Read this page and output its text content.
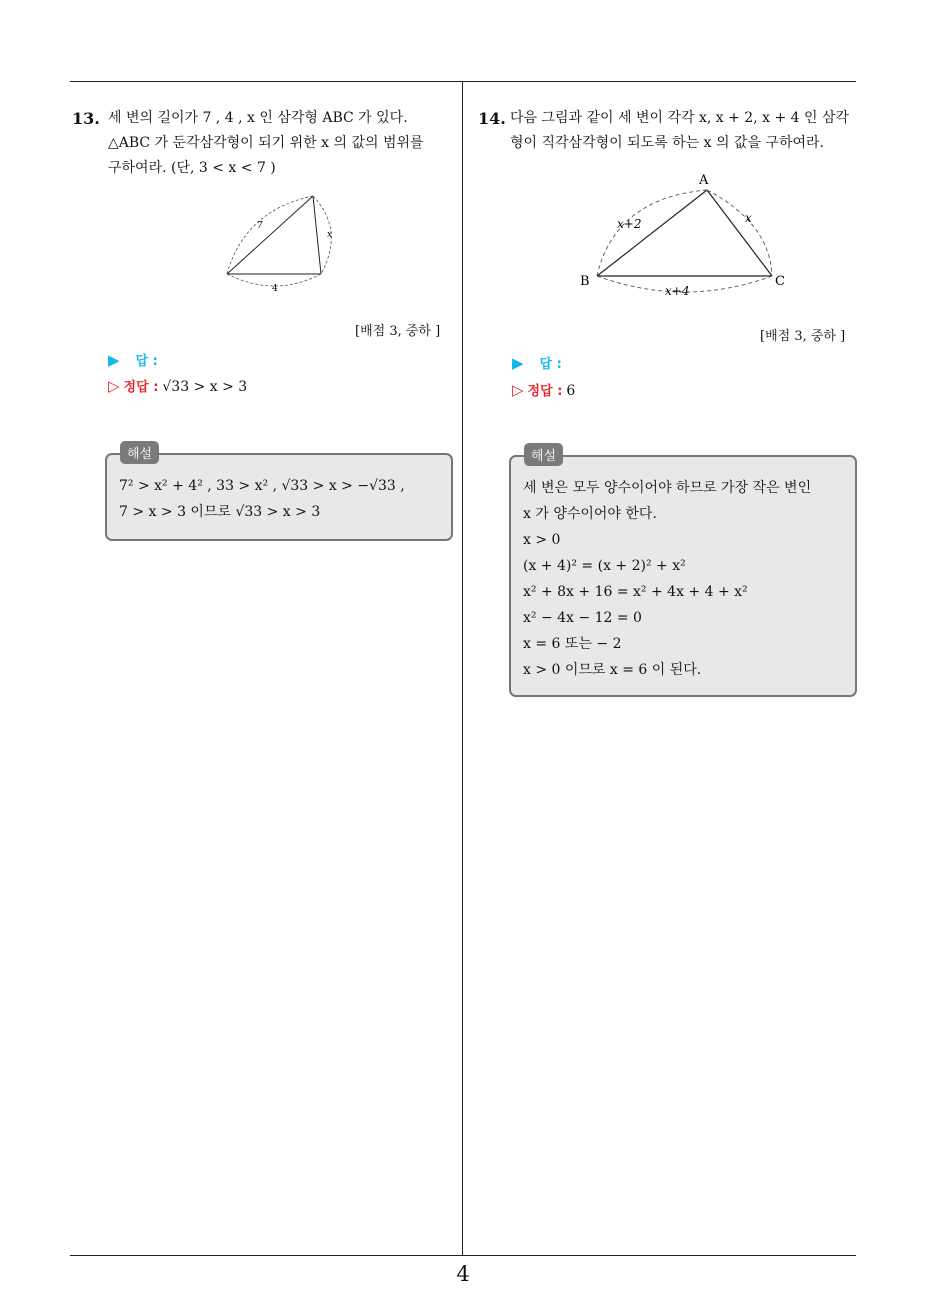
13. 세 변의 길이가 7 , 4 , x 인 삼각형 ABC 가 있다.
△ABC 가 둔각삼각형이 되기 위한 x 의 값의 범위를
구하여라. (단, 3 < x < 7 )
7
x
4
[배점 3, 중하 ]
▶ 답 :
▷ 정답 : √33 > x > 3
7² > x² + 4² , 33 > x² , √33 > x > −√33 ,
7 > x > 3 이므로 √33 > x > 3
해설
14. 다음 그림과 같이 세 변이 각각 x, x + 2, x + 4 인 삼각
형이 직각삼각형이 되도록 하는 x 의 값을 구하여라.
A
B	C
x+2	x
x+4
[배점 3, 중하 ]
▶ 답 :
▷ 정답 : 6
세 변은 모두 양수이어야 하므로 가장 작은 변인
x 가 양수이어야 한다.
x > 0
(x + 4)² = (x + 2)² + x²
x² + 8x + 16 = x² + 4x + 4 + x²
x² − 4x − 12 = 0
x = 6 또는 − 2
x > 0 이므로 x = 6 이 된다.
해설
4
